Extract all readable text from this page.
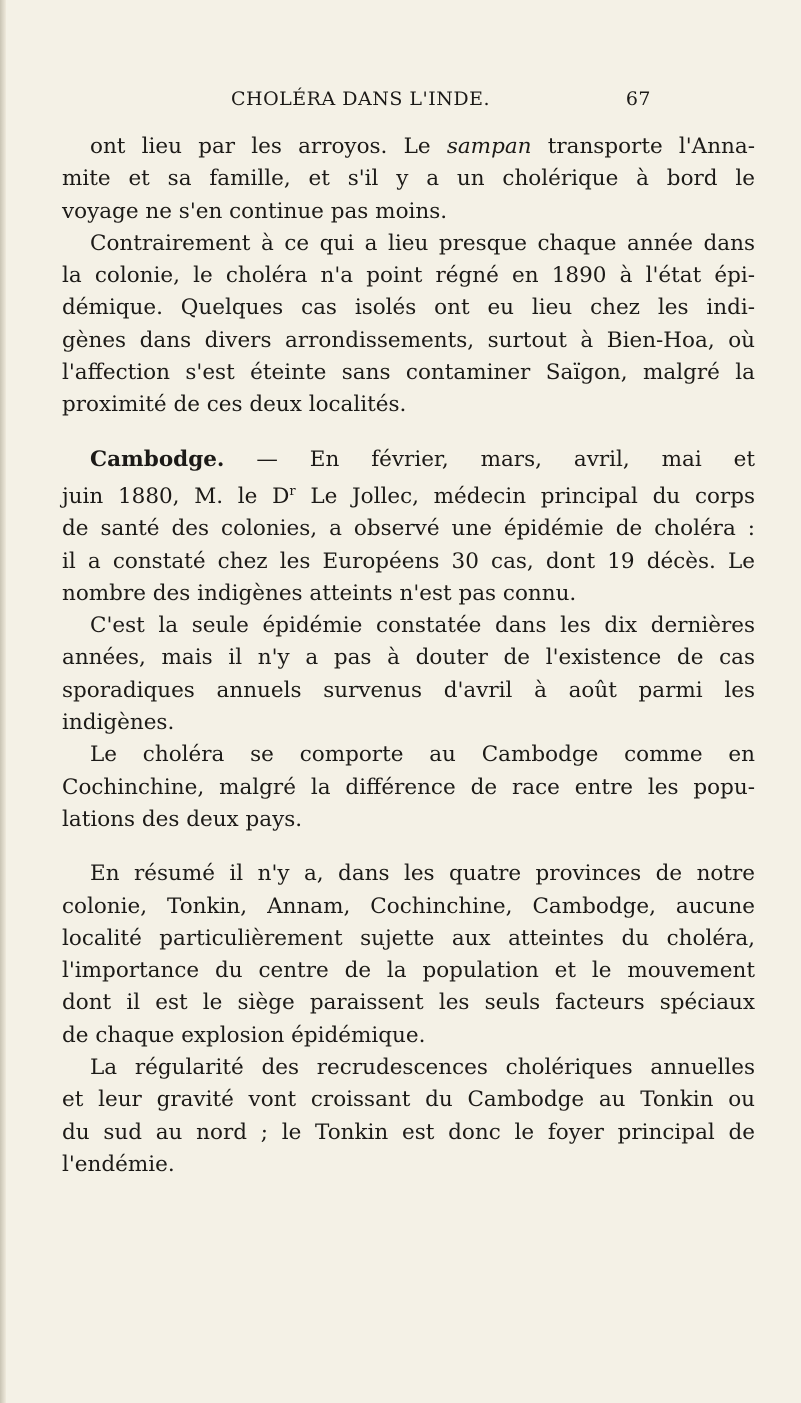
CHOLÉRA DANS L'INDE.	67
ont lieu par les arroyos. Le sampan transporte l'Anna-
mite et sa famille, et s'il y a un cholérique à bord le
voyage ne s'en continue pas moins.
Contrairement à ce qui a lieu presque chaque année dans
la colonie, le choléra n'a point régné en 1890 à l'état épi-
démique. Quelques cas isolés ont eu lieu chez les indi-
gènes dans divers arrondissements, surtout à Bien-Hoa, où
l'affection s'est éteinte sans contaminer Saïgon, malgré la
proximité de ces deux localités.
Cambodge. — En février, mars, avril, mai et
juin 1880, M. le $D^r$ Le Jollec, médecin principal du corps
de santé des colonies, a observé une épidémie de choléra :
il a constaté chez les Européens 30 cas, dont 19 décès. Le
nombre des indigènes atteints n'est pas connu.
C'est la seule épidémie constatée dans les dix dernières
années, mais il n'y a pas à douter de l'existence de cas
sporadiques annuels survenus d'avril à août parmi les
indigènes.
Le choléra se comporte au Cambodge comme en
Cochinchine, malgré la différence de race entre les popu-
lations des deux pays.
En résumé il n'y a, dans les quatre provinces de notre
colonie, Tonkin, Annam, Cochinchine, Cambodge, aucune
localité particulièrement sujette aux atteintes du choléra,
l'importance du centre de la population et le mouvement
dont il est le siège paraissent les seuls facteurs spéciaux
de chaque explosion épidémique.
La régularité des recrudescences cholériques annuelles
et leur gravité vont croissant du Cambodge au Tonkin ou
du sud au nord ; le Tonkin est donc le foyer principal de
l'endémie.
